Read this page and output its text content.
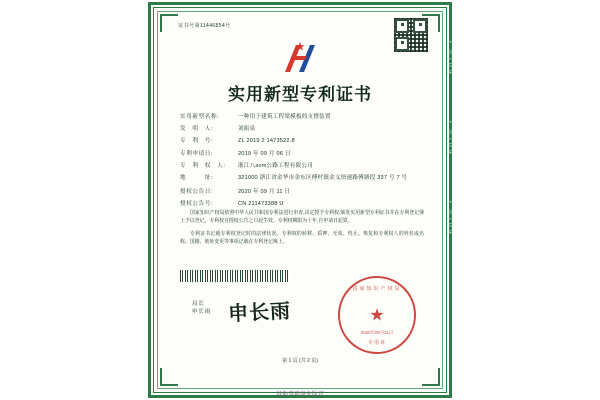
CNIPA
CNIPA
CNIPA
证书号第11446854号
实用新型专利证书
实用新型名称:	一种用于建筑工程梁模板的支撑装置
发　明　人:	刘振泉
专　利　号:	ZL 2019 2 1473522.8
专利申请日:	2019 年 09 月 06 日
专　利　权　人:	浙江八som公路工程有限公司
地　　　址:	321000 浙江省金华市金东区傅村镇金义快速路傅塘段 337 号 7 号
授权公告日:	2020 年 09 月 11 日
授权公告号:	CN 211473388 U

国家知识产权局依照中华人民共和国专利法进行审查,决定授予专利权,颁发实用新型专利证书并在专利登记簿上予以登记。专利权自授权公告之日起生效。专利权期限为十年,自申请日起算。

专利证书记载专利权登记时的法律状况。专利权的转移、质押、无效、终止、恢复和专利权人的姓名或名称、国籍、地址变更等事项记载在专利登记簿上。

局长
申长雨 申长雨
国家知识产权局
★
2020年09月11日
专用章
第 1 页 (共 2 页)
基地事项条免版官
